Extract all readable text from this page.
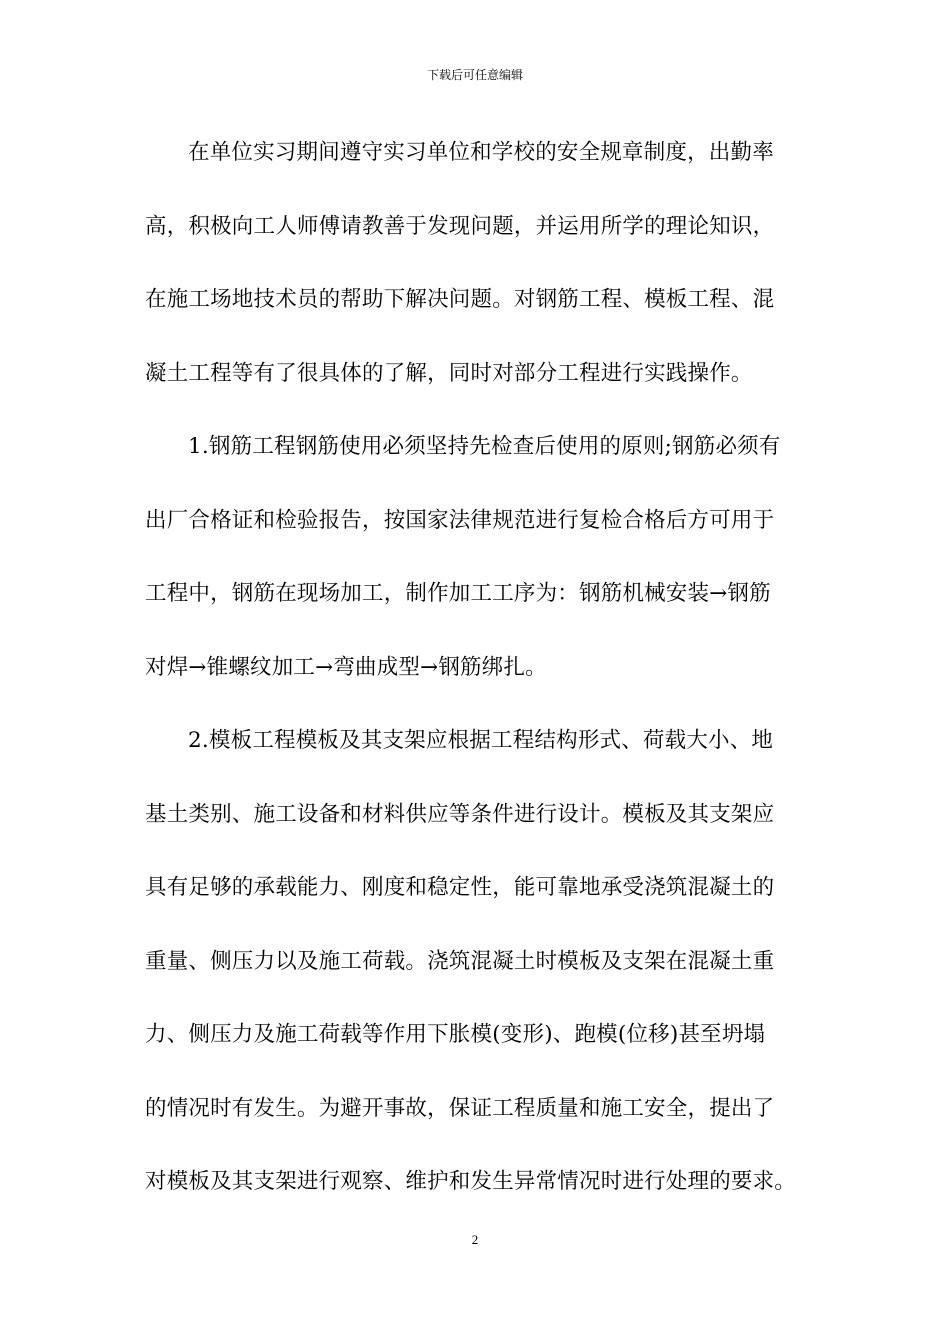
下载后可任意编辑
在单位实习期间遵守实习单位和学校的安全规章制度，出勤率
高，积极向工人师傅请教善于发现问题，并运用所学的理论知识，
在施工场地技术员的帮助下解决问题。对钢筋工程、模板工程、混
凝土工程等有了很具体的了解，同时对部分工程进行实践操作。
1.钢筋工程钢筋使用必须坚持先检查后使用的原则;钢筋必须有
出厂合格证和检验报告，按国家法律规范进行复检合格后方可用于
工程中，钢筋在现场加工，制作加工工序为：钢筋机械安装→钢筋
对焊→锥螺纹加工→弯曲成型→钢筋绑扎。
2.模板工程模板及其支架应根据工程结构形式、荷载大小、地
基土类别、施工设备和材料供应等条件进行设计。模板及其支架应
具有足够的承载能力、刚度和稳定性，能可靠地承受浇筑混凝土的
重量、侧压力以及施工荷载。浇筑混凝土时模板及支架在混凝土重
力、侧压力及施工荷载等作用下胀模(变形)、跑模(位移)甚至坍塌
的情况时有发生。为避开事故，保证工程质量和施工安全，提出了
对模板及其支架进行观察、维护和发生异常情况时进行处理的要求。
2
